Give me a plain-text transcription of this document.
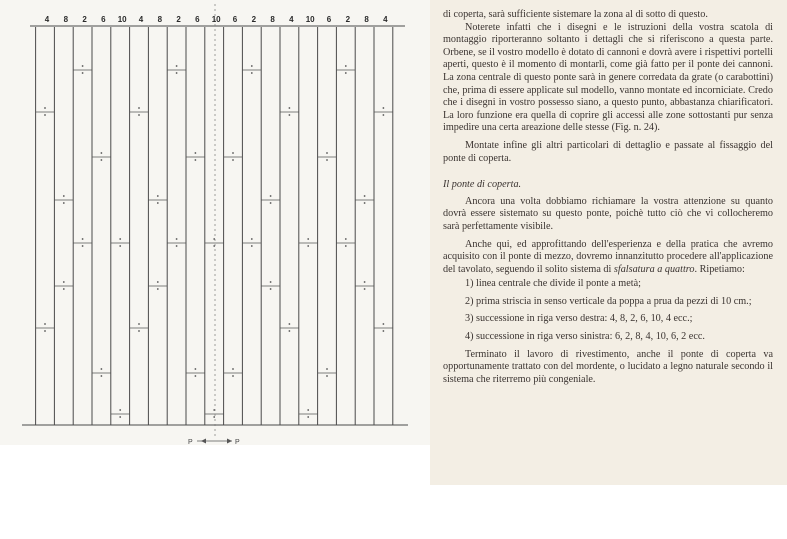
4 8 2 6 10 4 8 2 6 10 6 2 8 4 10 6 2 8 4
P	P

di coperta, sarà sufficiente sistemare la zona al di sotto di questo.

Noterete infatti che i disegni e le istruzioni della vostra scatola di montaggio riporteranno soltanto i dettagli che si riferiscono a questa parte. Orbene, se il vostro modello è dotato di cannoni e dovrà avere i rispettivi portelli aperti, questo è il momento di montarli, come già fatto per il ponte dei cannoni. La zona centrale di questo ponte sarà in genere corredata da grate (o carabottini) che, prima di essere applicate sul modello, vanno montate ed incorniciate. Credo che i disegni in vostro possesso siano, a questo punto, abbastanza chiarificatori. La loro funzione era quella di coprire gli accessi alle zone sottostanti pur senza impedire una certa areazione delle stesse (Fig. n. 24).

Montate infine gli altri particolari di dettaglio e passate al fissaggio del ponte di coperta.

Il ponte di coperta.

Ancora una volta dobbiamo richiamare la vostra attenzione su quanto dovrà essere sistemato su questo ponte, poichè tutto ciò che vi collocheremo sarà perfettamente visibile.

Anche qui, ed approfittando dell'esperienza e della pratica che avremo acquisito con il ponte di mezzo, dovremo innanzitutto procedere all'applicazione del tavolato, seguendo il solito sistema di sfalsatura a quattro. Ripetiamo:

1) linea centrale che divide il ponte a metà;
2) prima striscia in senso verticale da poppa a prua da pezzi di 10 cm.;
3) successione in riga verso destra: 4, 8, 2, 6, 10, 4 ecc.;
4) successione in riga verso sinistra: 6, 2, 8, 4, 10, 6, 2 ecc.

Terminato il lavoro di rivestimento, anche il ponte di coperta va opportunamente trattato con del mordente, o lucidato a legno naturale secondo il sistema che riterremo più congeniale.
